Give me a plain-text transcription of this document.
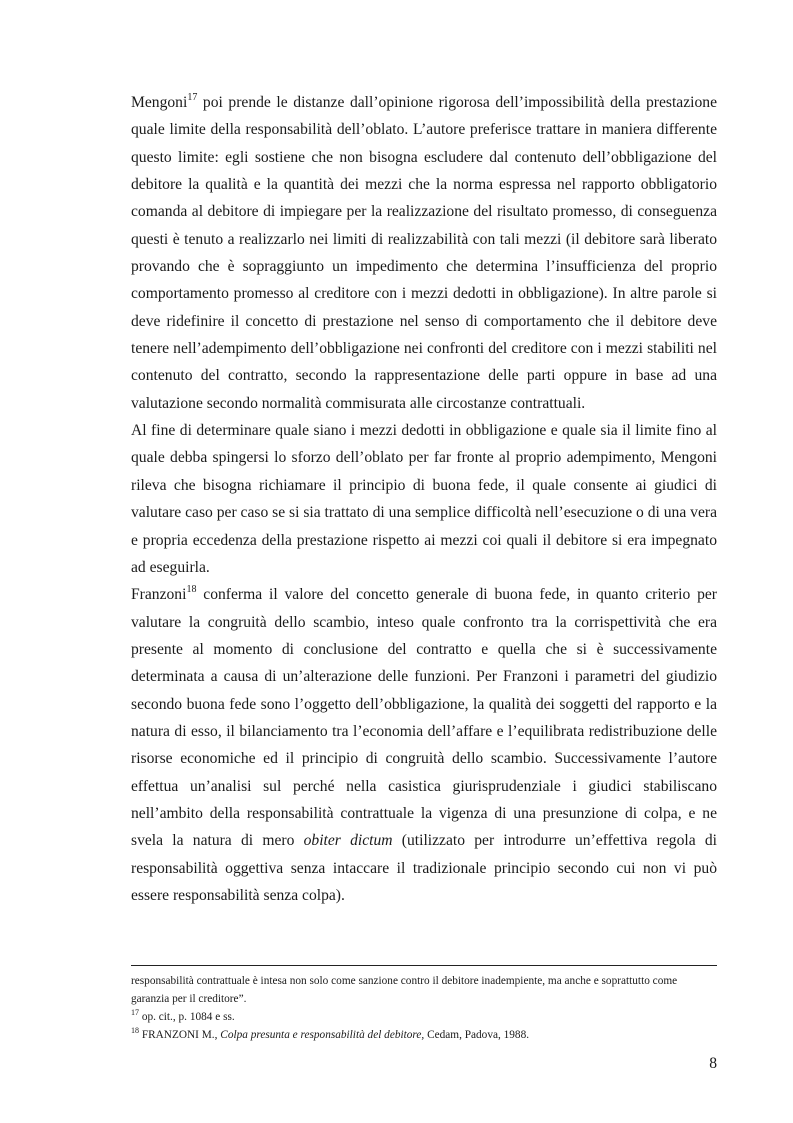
Mengoni$^{17}$ poi prende le distanze dall’opinione rigorosa dell’impossibilità della prestazione quale limite della responsabilità dell’oblato. L’autore preferisce trattare in maniera differente questo limite: egli sostiene che non bisogna escludere dal contenuto dell’obbligazione del debitore la qualità e la quantità dei mezzi che la norma espressa nel rapporto obbligatorio comanda al debitore di impiegare per la realizzazione del risultato promesso, di conseguenza questi è tenuto a realizzarlo nei limiti di realizzabilità con tali mezzi (il debitore sarà liberato provando che è sopraggiunto un impedimento che determina l’insufficienza del proprio comportamento promesso al creditore con i mezzi dedotti in obbligazione). In altre parole si deve ridefinire il concetto di prestazione nel senso di comportamento che il debitore deve tenere nell’adempimento dell’obbligazione nei confronti del creditore con i mezzi stabiliti nel contenuto del contratto, secondo la rappresentazione delle parti oppure in base ad una valutazione secondo normalità commisurata alle circostanze contrattuali.

Al fine di determinare quale siano i mezzi dedotti in obbligazione e quale sia il limite fino al quale debba spingersi lo sforzo dell’oblato per far fronte al proprio adempimento, Mengoni rileva che bisogna richiamare il principio di buona fede, il quale consente ai giudici di valutare caso per caso se si sia trattato di una semplice difficoltà nell’esecuzione o di una vera e propria eccedenza della prestazione rispetto ai mezzi coi quali il debitore si era impegnato ad eseguirla.

Franzoni$^{18}$ conferma il valore del concetto generale di buona fede, in quanto criterio per valutare la congruità dello scambio, inteso quale confronto tra la corrispettività che era presente al momento di conclusione del contratto e quella che si è successivamente determinata a causa di un’alterazione delle funzioni. Per Franzoni i parametri del giudizio secondo buona fede sono l’oggetto dell’obbligazione, la qualità dei soggetti del rapporto e la natura di esso, il bilanciamento tra l’economia dell’affare e l’equilibrata redistribuzione delle risorse economiche ed il principio di congruità dello scambio. Successivamente l’autore effettua un’analisi sul perché nella casistica giurisprudenziale i giudici stabiliscano nell’ambito della responsabilità contrattuale la vigenza di una presunzione di colpa, e ne svela la natura di mero obiter dictum (utilizzato per introdurre un’effettiva regola di responsabilità oggettiva senza intaccare il tradizionale principio secondo cui non vi può essere responsabilità senza colpa).

responsabilità contrattuale è intesa non solo come sanzione contro il debitore inadempiente, ma anche e soprattutto come garanzia per il creditore”.

$^{17}$ op. cit., p. 1084 e ss.

$^{18}$ FRANZONI M., Colpa presunta e responsabilità del debitore, Cedam, Padova, 1988.

8
